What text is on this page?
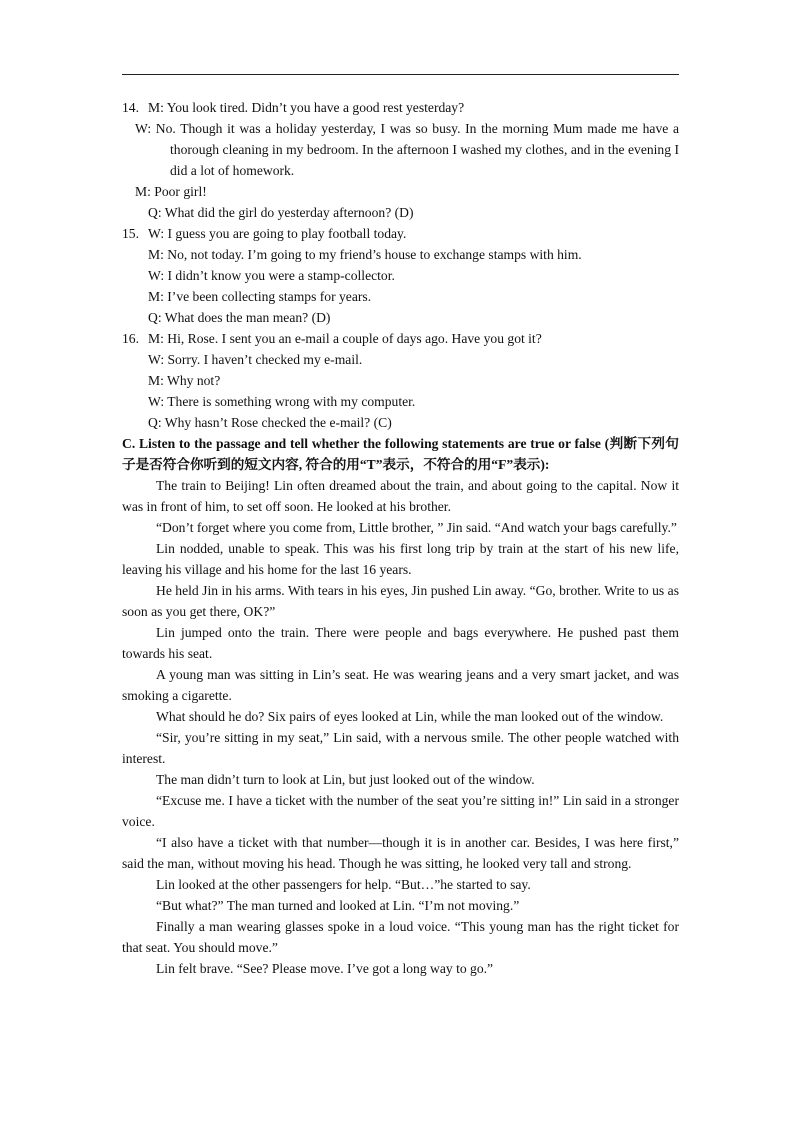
14. M: You look tired. Didn’t you have a good rest yesterday?
W: No. Though it was a holiday yesterday, I was so busy. In the morning Mum made me have a thorough cleaning in my bedroom. In the afternoon I washed my clothes, and in the evening I did a lot of homework.
M: Poor girl!
Q: What did the girl do yesterday afternoon? (D)
15. W: I guess you are going to play football today.
M: No, not today. I’m going to my friend’s house to exchange stamps with him.
W: I didn’t know you were a stamp-collector.
M: I’ve been collecting stamps for years.
Q: What does the man mean? (D)
16. M: Hi, Rose. I sent you an e-mail a couple of days ago. Have you got it?
W: Sorry. I haven’t checked my e-mail.
M: Why not?
W: There is something wrong with my computer.
Q: Why hasn’t Rose checked the e-mail? (C)
C. Listen to the passage and tell whether the following statements are true or false (判断下列句子是否符合你听到的短文内容, 符合的用“T”表示，不符合的用“F”表示):

The train to Beijing! Lin often dreamed about the train, and about going to the capital. Now it was in front of him, to set off soon. He looked at his brother.

“Don’t forget where you come from, Little brother, ” Jin said. “And watch your bags carefully.”

Lin nodded, unable to speak. This was his first long trip by train at the start of his new life, leaving his village and his home for the last 16 years.

He held Jin in his arms. With tears in his eyes, Jin pushed Lin away. “Go, brother. Write to us as soon as you get there, OK?”

Lin jumped onto the train. There were people and bags everywhere. He pushed past them towards his seat.

A young man was sitting in Lin’s seat. He was wearing jeans and a very smart jacket, and was smoking a cigarette.

What should he do? Six pairs of eyes looked at Lin, while the man looked out of the window.

“Sir, you’re sitting in my seat,” Lin said, with a nervous smile. The other people watched with interest.

The man didn’t turn to look at Lin, but just looked out of the window.

“Excuse me. I have a ticket with the number of the seat you’re sitting in!” Lin said in a stronger voice.

“I also have a ticket with that number—though it is in another car. Besides, I was here first,” said the man, without moving his head. Though he was sitting, he looked very tall and strong.

Lin looked at the other passengers for help. “But…”he started to say.

“But what?” The man turned and looked at Lin. “I’m not moving.”

Finally a man wearing glasses spoke in a loud voice. “This young man has the right ticket for that seat. You should move.”

Lin felt brave. “See? Please move. I’ve got a long way to go.”
